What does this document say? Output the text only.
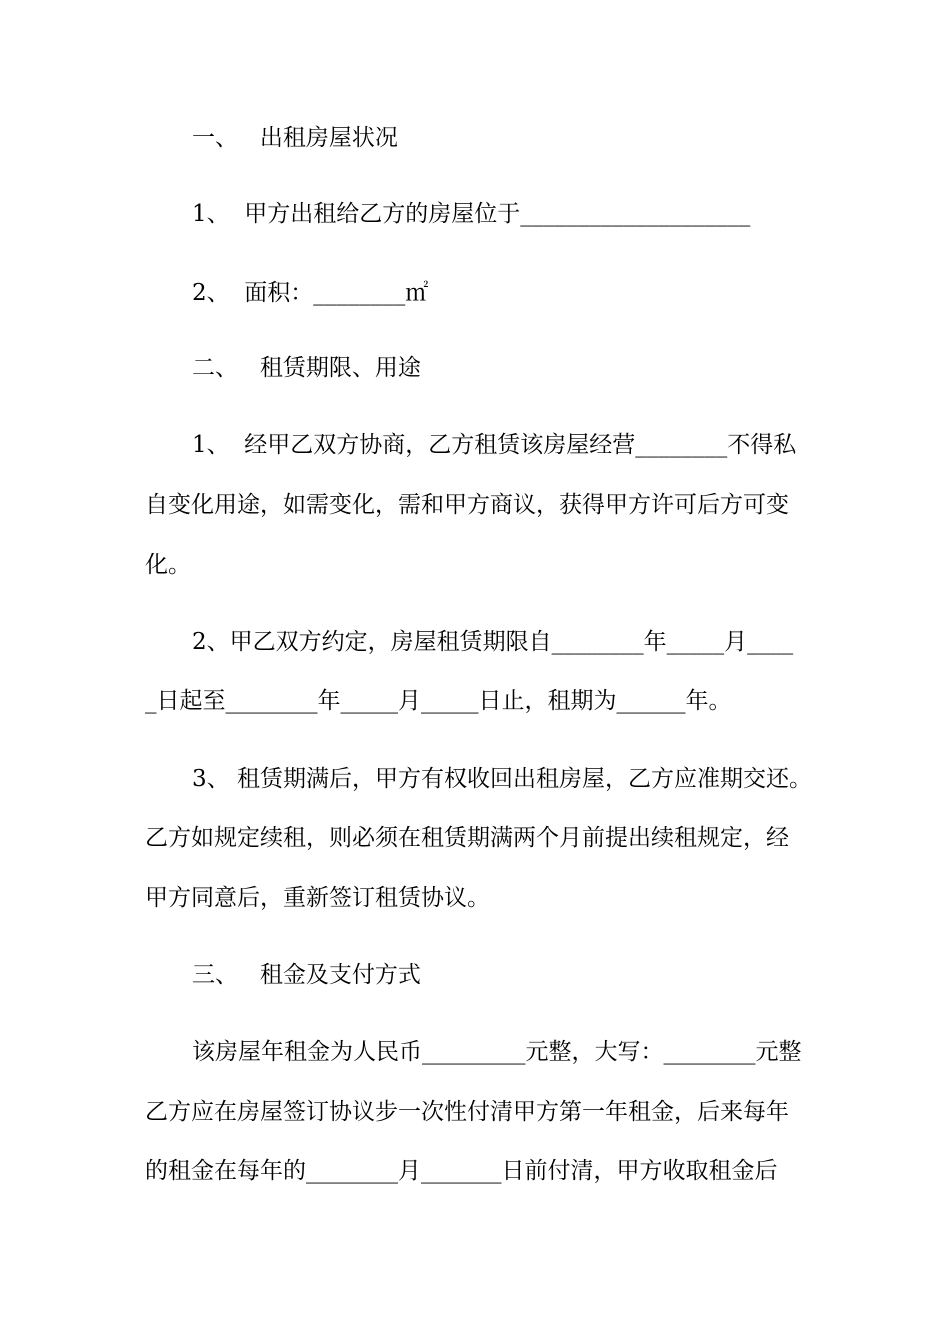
一、   出租房屋状况
1、  甲方出租给乙方的房屋位于____________________
2、  面积：________㎡
二、   租赁期限、用途
1、  经甲乙双方协商，乙方租赁该房屋经营________不得私
自变化用途，如需变化，需和甲方商议，获得甲方许可后方可变
化。
2、甲乙双方约定，房屋租赁期限自________年_____月____
_日起至________年_____月_____日止，租期为______年。
3、 租赁期满后，甲方有权收回出租房屋，乙方应准期交还。
乙方如规定续租，则必须在租赁期满两个月前提出续租规定，经
甲方同意后，重新签订租赁协议。
三、   租金及支付方式
该房屋年租金为人民币_________元整，大写：________元整
乙方应在房屋签订协议步一次性付清甲方第一年租金，后来每年
的租金在每年的________月_______日前付清，甲方收取租金后
